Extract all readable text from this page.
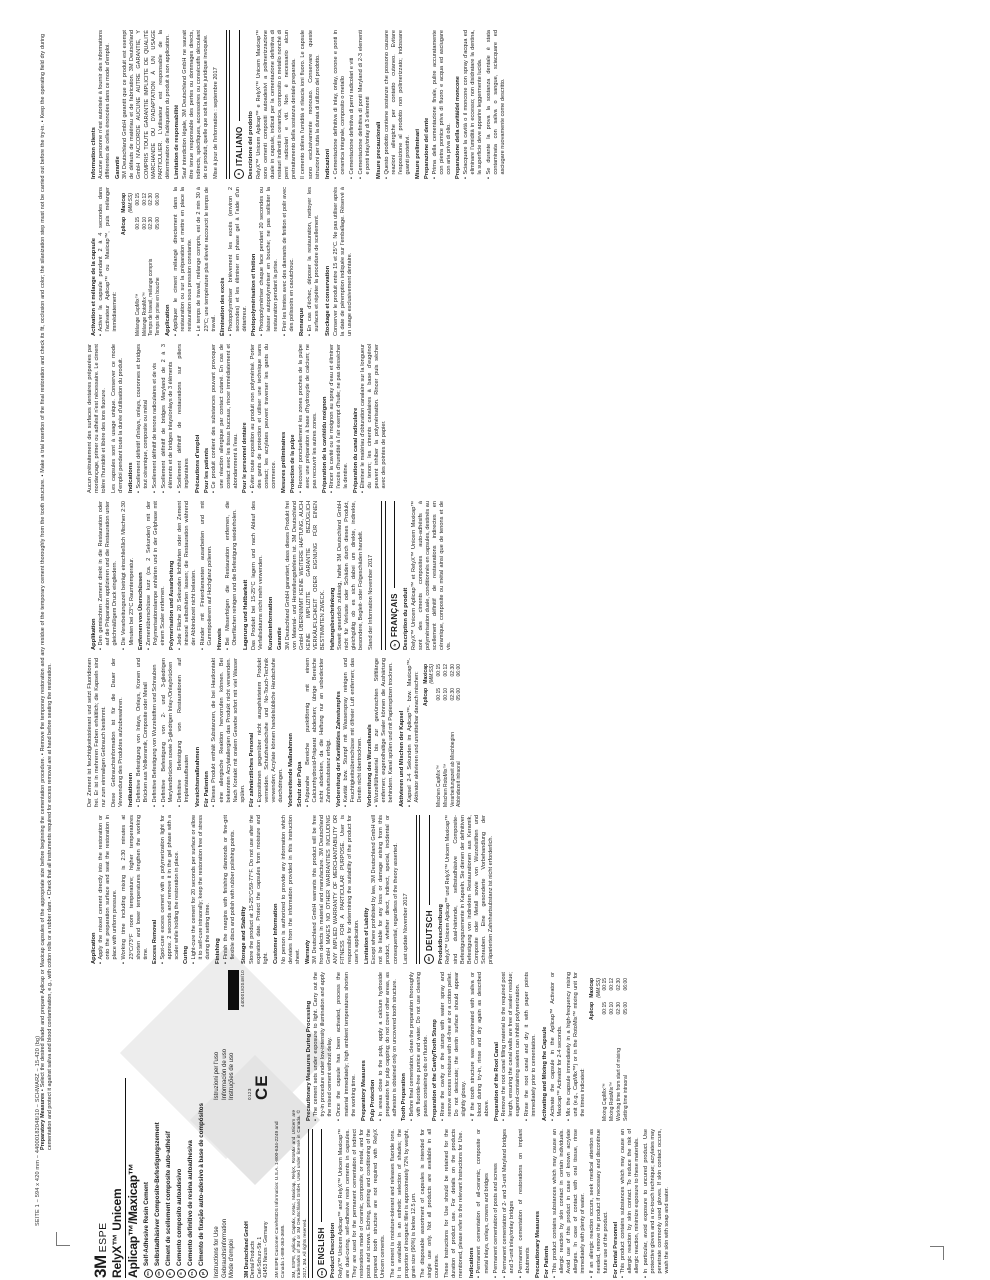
SEITE 1 − 594 x 420 mm − 44000182048/10 − SCHWARZ − 15-420 (bg) Preparatory Measures • Select the desired shade and prepare Aplicap or Maxicap capsules of the appropriate size before beginning the cementation procedure. • Remove the temporary restoration and any residue of the temporary cement thoroughly from the tooth structure. • Make a trial insertion of the final restoration and check its fit, occlusion and color; the silanization step must not be carried out before the try-in. • Keep the operating field dry during cementation and protect it against saliva and blood contamination, e.g., with cotton rolls or a rubber dam. • Check that all instruments required for excess removal are at hand before seating the restoration.
3M
ESPE RelyX™ Unicem Aplicap™/Maxicap™	en
Self-Adhesive Resin Cement
de
Selbstadhäsiver Composite-Befestigungszement
fr
Ciment de scellement composite auto-adhésif
it
Cemento composito autoadesivo
es
Cemento definitivo de resina autoadhesiva
pt
Cimento de fixação auto-adesivo à base de compósitos Instructions for Use Gebrauchsinformation Mode d'emploi 3M Deutschland GmbH Dental Products Carl-Schurz-Str. 1 41453 Neuss - Germany 3M ESPE Customer Care/MSDS Information: U.S.A. 1-800-634-2249 and Canada 1-888-363-3685. 3M, ESPE, Aplicap, CapMix, Ketac, Maxicap, RelyX, RotoMix and Unicem are trademarks of 3M or 3M Deutschland GmbH. Used under license in Canada. © 2017, 3M. All rights reserved.
Istruzioni per l'uso Información de uso Instruções de uso
44000182048/10
0123 CE
en
ENGLISH Product Description RelyX™ Unicem Aplicap™ and RelyX™ Unicem Maxicap™ are dual-curing, self-adhesive resin cements in capsules. They are used for the permanent cementation of indirect restorations made of ceramic, composite, or metal, and for posts and screws. Etching, priming and conditioning of the prepared tooth structure are not required with RelyX Unicem cements. The cement is moisture-tolerant and releases fluoride ions. It is available in an esthetic selection of shades; the proportion of inorganic filler is approximately 72% by weight, grain size (90%) is below 12.5 μm. The disposable assortment of capsules is intended for single use only. Not all products are available in all countries. These Instructions for Use should be retained for the duration of product use. For details on the products mentioned, please refer to the relevant Instructions for Use. Indications •
Permanent cementation of all-ceramic, composite or metal inlays, onlays, crowns and bridges
•
Permanent cementation of posts and screws
•
Permanent cementation of 2- and 3-unit Maryland bridges and 3-unit inlay/onlay bridges
•
Permanent cementation of restorations on implant abutments Precautionary Measures For Patients •
This product contains substances which may cause an allergic reaction by skin contact in certain individuals. Avoid use of this product in case of known acrylate allergies. In case of contact with oral tissue, rinse immediately with plenty of water.
•
If an allergic reaction occurs, seek medical attention as needed, remove the product if necessary and discontinue future use of the product. For Dental Personnel •
This product contains substances which may cause an allergic reaction by skin contact. To reduce the risk of allergic reaction, minimize exposure to these materials.
•
In particular, avoid exposure to uncured product. Use protective gloves and a no-touch technique; acrylates may penetrate commonly used gloves. If skin contact occurs, wash the skin with soap and water.
Precautionary Measures During Processing •
The cement sets under exposure to light. Carry out the try-in procedure under low-intensity illumination and apply the mixed cement without delay.
•
Once the capsule has been activated, process the material immediately; high ambient temperatures shorten the working time. Preparatory Measures Pulp Protection •
In areas close to the pulp, apply a calcium hydroxide preparation for pulp capping; do not cover other areas, as adhesion is obtained only on uncovered tooth structure. Tooth Preparation •
Before final cementation, clean the preparation thoroughly with fluoride-free pumice and water. Do not use cleaning pastes containing oils or fluoride. Preparation of the Cavity/Tooth Stump •
Rinse the cavity or the stump with water spray and remove excess moisture with oil-free air or a cotton pellet. Do not desiccate; the dentin surface should appear slightly glossy.
•
If the tooth structure was contaminated with saliva or blood during try-in, rinse and dry again as described above. Preparation of the Root Canal •
Remove the root canal filling material to the required post length, ensuring the canal walls are free of sealer residue; eugenol-containing sealers can inhibit polymerization.
•
Rinse the root canal and dry it with paper points immediately prior to cementation. Activating and Mixing the Capsule •
Activate the capsule in the Aplicap™ Activator or Maxicap™ Activator for 2-4 seconds.
•
Mix the capsule immediately in a high-frequency mixing unit (e.g., CapMix™) or in the RotoMix™ mixing unit for the times indicated:
	Aplicap	Maxicap
	(MM:SS)	
Mixing CapMix™	00:15	00:15
Mixing RotoMix™	00:10	00:12
Working time from start of mixing	02:30	02:30
Setting time intraoral	05:00	06:00
Application •
Apply the mixed cement directly into the restoration or onto the preparation surface and seat the restoration in place with uniform pressure.
•
Working time including mixing is 2:30 minutes at 23°C/73°F room temperature; higher temperatures shorten and lower temperatures lengthen the working time. Excess Removal •
Spot-cure excess cement with a polymerization light for approx. 2 seconds and remove it in the gel phase with a scaler while holding the restoration in place. Curing •
Light-cure the cement for 20 seconds per surface or allow it to self-cure intraorally; keep the restoration free of stress during the setting time. Finishing •
Finish the margins with finishing diamonds or fine-grit flexible discs and polish with rubber polishing points. Storage and Stability Store the product at 15-25°C/59-77°F. Do not use after the expiration date. Protect the capsules from moisture and light. Customer Information No person is authorized to provide any information which deviates from the information provided in this instruction sheet. Warranty 3M Deutschland GmbH warrants this product will be free from defects in material and manufacture. 3M Deutschland GmbH MAKES NO OTHER WARRANTIES INCLUDING ANY IMPLIED WARRANTY OF MERCHANTABILITY OR FITNESS FOR A PARTICULAR PURPOSE. User is responsible for determining the suitability of the product for user's application. Limitation of Liability Except where prohibited by law, 3M Deutschland GmbH will not be liable for any loss or damage arising from this product, whether direct, indirect, special, incidental or consequential, regardless of the theory asserted. Last update November 2017	de
DEUTSCH Produktbeschreibung RelyX™ Unicem Aplicap™ und RelyX™ Unicem Maxicap™ sind dual-härtende, selbstadhäsive Composite-Befestigungszemente in Kapseln. Sie dienen der definitiven Befestigung von indirekten Restaurationen aus Keramik, Composite oder Metall sowie von Wurzelstiften und Schrauben. Eine gesonderte Vorbehandlung der präparierten Zahnhartsubstanz ist nicht erforderlich.
Der Zement ist feuchtigkeitstolerant und setzt Fluoridionen frei. Er ist in mehreren Farben erhältlich; die Kapseln sind nur zum einmaligen Gebrauch bestimmt. Diese Gebrauchsinformation ist für die Dauer der Verwendung des Produktes aufzubewahren. Indikationen •
Definitive Befestigung von Inlays, Onlays, Kronen und Brücken aus Vollkeramik, Composite oder Metall
•
Definitive Befestigung von Wurzelstiften und Schrauben
•
Definitive Befestigung von 2- und 3-gliedrigen Marylandbrücken sowie 3-gliedrigen Inlay-/Onlaybrücken
•
Definitive Befestigung von Restaurationen auf Implantataufbauten Vorsichtsmaßnahmen Für Patienten •
Dieses Produkt enthält Substanzen, die bei Hautkontakt eine allergische Reaktion hervorrufen können. Bei bekannten Acrylatallergien das Produkt nicht verwenden. Nach Kontakt mit oralem Gewebe sofort mit viel Wasser spülen. Für zahnärztliches Personal •
Expositionen gegenüber nicht ausgehärtetem Produkt vermeiden. Schutzhandschuhe und No-Touch-Technik verwenden; Acrylate können handelsübliche Handschuhe durchdringen. Vorbereitende Maßnahmen Schutz der Pulpa •
Pulpanahe Bereiche punktförmig mit einem Calciumhydroxid-Präparat abdecken; übrige Bereiche nicht abdecken, da die Haftung nur an unbedeckter Zahnhartsubstanz erfolgt. Vorbereitung der Kavität/des Zahnstumpfes •
Kavität bzw. Stumpf mit Wasserspray reinigen und Feuchtigkeitsüberschüsse mit ölfreier Luft entfernen; das Dentin nicht übertrocknen. Vorbereitung des Wurzelkanals •
Wurzelfüllmaterial bis zur gewünschten Stiftlänge entfernen; eugenolhaltige Sealer können die Aushärtung behindern. Kanal spülen und mit Papierspitzen trocknen. Aktivieren und Mischen der Kapsel •
Kapsel 2-4 Sekunden im Aplicap™- bzw. Maxicap™-Aktivator aktivieren und unmittelbar danach mischen:
	Aplicap	Maxicap
	(MM:SS)	
Mischen CapMix™	00:15	00:15
Mischen RotoMix™	00:10	00:12
Verarbeitungszeit ab Mischbeginn	02:30	02:30
Abbindezeit intraoral	05:00	06:00
Applikation •
Den gemischten Zement direkt in die Restauration oder auf die Präparation applizieren und die Restauration unter gleichmäßigem Druck eingliedern.
•
Die Verarbeitungszeit beträgt einschließlich Mischen 2:30 Minuten bei 23°C Raumtemperatur. Entfernen von Überschüssen •
Zementüberschüsse kurz (ca. 2 Sekunden) mit der Polymerisationslampe anhärten und in der Gelphase mit einem Scaler entfernen. Polymerisation und Ausarbeitung •
Jede Fläche 20 Sekunden lichthärten oder den Zement intraoral selbsthärten lassen; die Restauration während der Abbindezeit nicht belasten.
•
Ränder mit Finierdiamanten ausarbeiten und mit Gummipolierern auf Hochglanz polieren. Hinweis •
Bei Misserfolgen die Restauration entfernen, die Oberflächen reinigen und die Befestigung wiederholen. Lagerung und Haltbarkeit Das Produkt bei 15-25°C lagern und nach Ablauf des Verfallsdatums nicht mehr verwenden. Kundeninformation Garantie 3M Deutschland GmbH garantiert, dass dieses Produkt frei von Material- und Herstellungsfehlern ist. 3M Deutschland GmbH ÜBERNIMMT KEINE WEITERE HAFTUNG, AUCH KEINE IMPLIZITE GARANTIE BEZÜGLICH VERKÄUFLICHKEIT ODER EIGNUNG FÜR EINEN BESTIMMTEN ZWECK. Haftungsbeschränkung Soweit gesetzlich zulässig, haftet 3M Deutschland GmbH nicht für Verluste oder Schäden durch dieses Produkt, gleichgültig ob es sich dabei um direkte, indirekte, besondere, Begleit- oder Folgeschäden handelt. Stand der Information November 2017	fr
FRANÇAIS Description du produit RelyX™ Unicem Aplicap™ et RelyX™ Unicem Maxicap™ sont des ciments composites auto-adhésifs à polymérisation duale, conditionnés en capsules, destinés au scellement définitif de restaurations indirectes en céramique, composite ou métal ainsi que de tenons et de vis.
Aucun prétraitement des surfaces dentaires préparées par mordançage, primer ou adhésif n'est nécessaire. Le ciment tolère l'humidité et libère des ions fluorure. Les capsules sont à usage unique. Conserver ce mode d'emploi pendant toute la durée d'utilisation du produit. Indications •
Scellement définitif d'inlays, onlays, couronnes et bridges tout céramique, composite ou métal
•
Scellement définitif de tenons radiculaires et de vis
•
Scellement définitif de bridges Maryland de 2 à 3 éléments et de bridges inlays/onlays de 3 éléments
•
Scellement définitif de restaurations sur piliers implantaires Précautions d'emploi Pour les patients •
Ce produit contient des substances pouvant provoquer une réaction allergique par contact cutané. En cas de contact avec les tissus buccaux, rincer immédiatement et abondamment à l'eau. Pour le personnel dentaire •
Éviter toute exposition au produit non polymérisé. Porter des gants de protection et utiliser une technique sans contact; les acrylates peuvent traverser les gants du commerce. Mesures préliminaires Protection de la pulpe •
Recouvrir ponctuellement les zones proches de la pulpe avec une préparation à base d'hydroxyde de calcium; ne pas recouvrir les autres zones. Préparation de la cavité/du moignon •
Rincer la cavité ou le moignon au spray d'eau et éliminer l'excès d'humidité à l'air exempt d'huile; ne pas dessécher la dentine. Préparation du canal radiculaire •
Éliminer le matériau d'obturation canalaire sur la longueur du tenon; les ciments canalaires à base d'eugénol peuvent inhiber la polymérisation. Rincer puis sécher avec des pointes de papier.
Activation et mélange de la capsule •
Activer la capsule pendant 2 à 4 secondes dans l'activateur Aplicap™ ou Maxicap™, puis mélanger immédiatement:
	Aplicap	Maxicap
	(MM:SS)	
Mélange CapMix™	00:15	00:15
Mélange RotoMix™	00:10	00:12
Temps de travail, mélange compris	02:30	02:30
Temps de prise en bouche	05:00	06:00
Application •
Appliquer le ciment mélangé directement dans la restauration ou sur la préparation et mettre en place la restauration sous pression constante.
•
Le temps de travail, mélange compris, est de 2 min 30 à 23°C; une température plus élevée raccourcit le temps de travail. Élimination des excès •
Photopolymériser brièvement les excès (environ 2 secondes) et les éliminer en phase gel à l'aide d'un détartreur. Photopolymérisation et finition •
Photopolymériser chaque face pendant 20 secondes ou laisser autopolymériser en bouche; ne pas solliciter la restauration pendant la prise.
•
Finir les limites avec des diamants de finition et polir avec des polissoirs en caoutchouc. Remarque •
En cas d'échec, déposer la restauration, nettoyer les surfaces et répéter la procédure de scellement. Stockage et conservation Conserver le produit entre 15 et 25°C. Ne pas utiliser après la date de péremption indiquée sur l'emballage. Réservé à un usage exclusivement dentaire.
Information clients Aucune personne n'est autorisée à fournir des informations différentes de celles énoncées dans ce mode d'emploi. Garantie 3M Deutschland GmbH garantit que ce produit est exempt de défauts de matériau et de fabrication. 3M Deutschland GmbH N'ACCORDE AUCUNE AUTRE GARANTIE, Y COMPRIS TOUTE GARANTIE IMPLICITE DE QUALITÉ MARCHANDE OU D'ADAPTATION À UN USAGE PARTICULIER. L'utilisateur est responsable de la détermination de l'adéquation du produit à son application. Limitation de responsabilité Sauf interdiction légale, 3M Deutschland GmbH ne saurait être tenue responsable des pertes ou dommages directs, indirects, spécifiques, accessoires ou consécutifs découlant de ce produit, quelle que soit la théorie juridique invoquée. Mise à jour de l'information : septembre 2017	it
ITALIANO Descrizione del prodotto RelyX™ Unicem Aplicap™ e RelyX™ Unicem Maxicap™ sono cementi compositi autoadesivi a polimerizzazione duale in capsule, indicati per la cementazione definitiva di restauri indiretti in ceramica, composito o metallo nonché di perni radicolari e viti. Non è necessario alcun pretrattamento della sostanza dentale preparata. Il cemento tollera l'umidità e rilascia ioni fluoro. Le capsule sono esclusivamente monouso. Conservare queste istruzioni per tutta la durata di utilizzo del prodotto. Indicazioni •
Cementazione definitiva di inlay, onlay, corone e ponti in ceramica integrale, composito o metallo
•
Cementazione definitiva di perni radicolari e viti
•
Cementazione definitiva di ponti Maryland di 2-3 elementi e ponti inlay/onlay di 3 elementi Misure precauzionali •
Questo prodotto contiene sostanze che possono causare reazioni allergiche per contatto cutaneo. Evitare l'esposizione al prodotto non polimerizzato; indossare guanti protettivi. Misure preliminari Preparazione del dente •
Prima della cementazione finale, pulire accuratamente con pietra pomice priva di fluoro e acqua ed asciugare con aria priva di olio. Preparazione della cavità/del moncone •
Sciacquare la cavità o il moncone con spray d'acqua ed eliminare l'umidità in eccesso; non disidratare la dentina, la superficie deve apparire leggermente lucida.
•
Se durante la prova la sostanza dentale è stata contaminata con saliva o sangue, sciacquare ed asciugare nuovamente come descritto.
